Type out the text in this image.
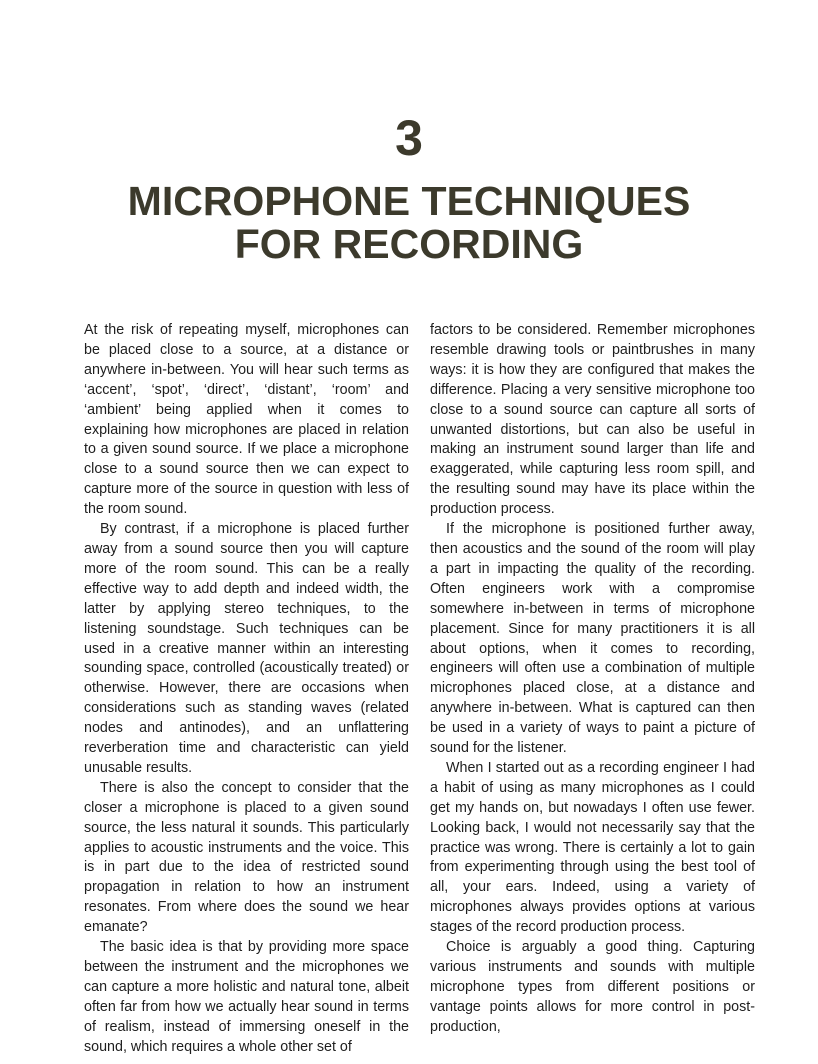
3
MICROPHONE TECHNIQUES
FOR RECORDING

At the risk of repeating myself, microphones can be placed close to a source, at a distance or anywhere in-between. You will hear such terms as ‘accent’, ‘spot’, ‘direct’, ‘distant’, ‘room’ and ‘ambient’ being applied when it comes to explaining how microphones are placed in relation to a given sound source. If we place a microphone close to a sound source then we can expect to capture more of the source in question with less of the room sound.

By contrast, if a microphone is placed further away from a sound source then you will capture more of the room sound. This can be a really effective way to add depth and indeed width, the latter by applying stereo techniques, to the listening soundstage. Such techniques can be used in a creative manner within an interesting sounding space, controlled (acoustically treated) or otherwise. However, there are occasions when considerations such as standing waves (related nodes and antinodes), and an unflattering reverberation time and characteristic can yield unusable results.

There is also the concept to consider that the closer a microphone is placed to a given sound source, the less natural it sounds. This particularly applies to acoustic instruments and the voice. This is in part due to the idea of restricted sound propagation in relation to how an instrument resonates. From where does the sound we hear emanate?

The basic idea is that by providing more space between the instrument and the microphones we can capture a more holistic and natural tone, albeit often far from how we actually hear sound in terms of realism, instead of immersing oneself in the sound, which requires a whole other set of

factors to be considered. Remember microphones resemble drawing tools or paintbrushes in many ways: it is how they are configured that makes the difference. Placing a very sensitive microphone too close to a sound source can capture all sorts of unwanted distortions, but can also be useful in making an instrument sound larger than life and exaggerated, while capturing less room spill, and the resulting sound may have its place within the production process.

If the microphone is positioned further away, then acoustics and the sound of the room will play a part in impacting the quality of the recording. Often engineers work with a compromise somewhere in-between in terms of microphone placement. Since for many practitioners it is all about options, when it comes to recording, engineers will often use a combination of multiple microphones placed close, at a distance and anywhere in-between. What is captured can then be used in a variety of ways to paint a picture of sound for the listener.

When I started out as a recording engineer I had a habit of using as many microphones as I could get my hands on, but nowadays I often use fewer. Looking back, I would not necessarily say that the practice was wrong. There is certainly a lot to gain from experimenting through using the best tool of all, your ears. Indeed, using a variety of microphones always provides options at various stages of the record production process.

Choice is arguably a good thing. Capturing various instruments and sounds with multiple microphone types from different positions or vantage points allows for more control in post-production,
